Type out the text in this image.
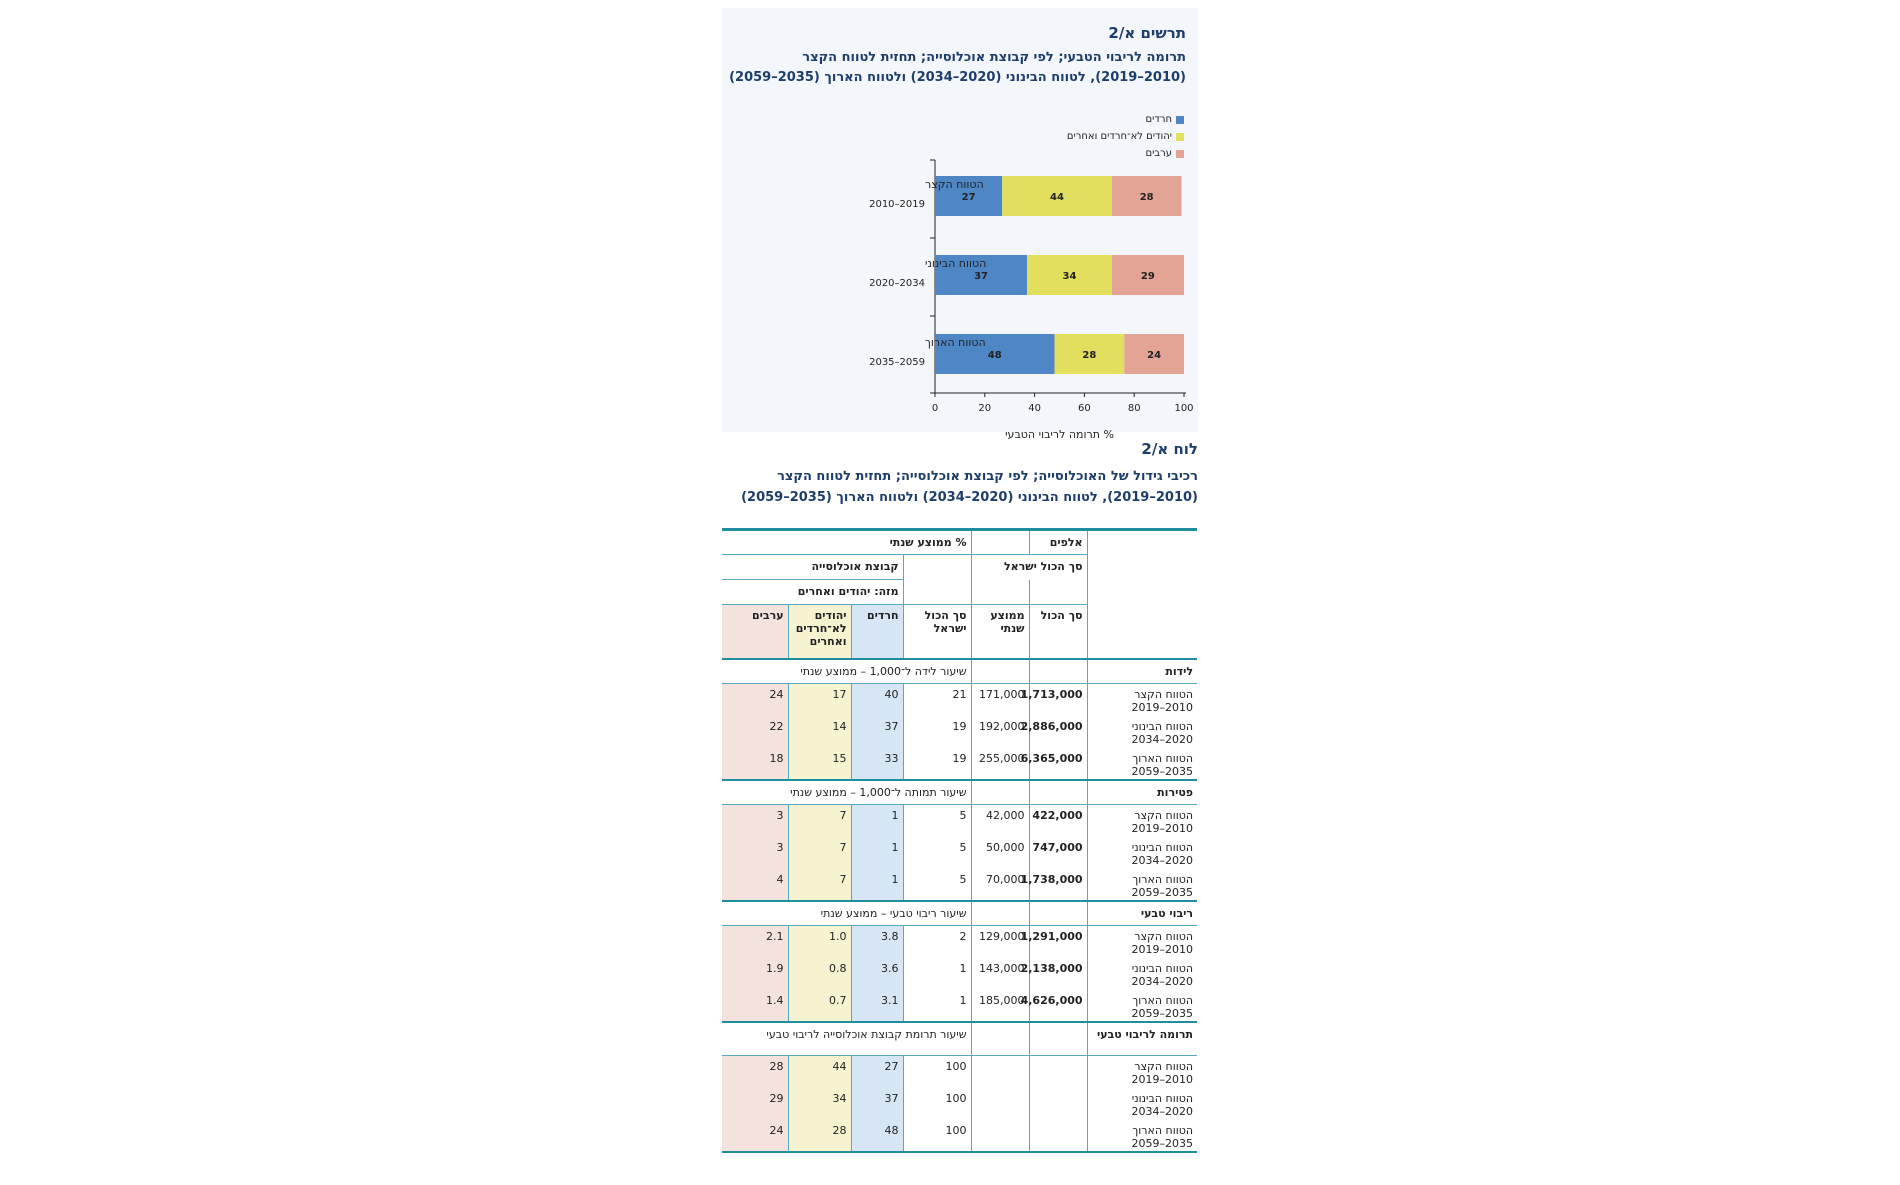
0	20	40	60	80	100
% תרומה לריבוי הטבעי
27	44	28
הטווח הקצר
2010–2019
37	34	29
הטווח הבינוני
2020–2034
48	28	24
הטווח הארוך
2035–2059
תרשים א/2

תרומה לריבוי הטבעי; לפי קבוצת אוכלוסייה; תחזית לטווח הקצר
(2010–2019), לטווח הבינוני (2020–2034) ולטווח הארוך (2035–2059)

חרדים
יהודים לא־חרדים ואחרים
ערבים
לוח א/2

רכיבי גידול של האוכלוסייה; לפי קבוצת אוכלוסייה; תחזית לטווח הקצר
(2010–2019), לטווח הבינוני (2020–2034) ולטווח הארוך (2035–2059)

	אלפים		% ממוצע שנתי			
	סך הכול ישראל			קבוצת אוכלוסייה		
				מזה: יהודים ואחרים		
	סך הכול	ממוצע שנתי	סך הכול ישראל	חרדים	יהודים לא־חרדים ואחרים	ערבים
לידות			שיעור לידה ל־1,000 – ממוצע שנתי			
הטווח הקצר
2010–2019	1,713,000	171,000	21	40	17	24
הטווח הבינוני
2020–2034	2,886,000	192,000	19	37	14	22
הטווח הארוך
2035–2059	6,365,000	255,000	19	33	15	18
פטירות			שיעור תמותה ל־1,000 – ממוצע שנתי			
הטווח הקצר
2010–2019	422,000	42,000	5	1	7	3
הטווח הבינוני
2020–2034	747,000	50,000	5	1	7	3
הטווח הארוך
2035–2059	1,738,000	70,000	5	1	7	4
ריבוי טבעי			שיעור ריבוי טבעי – ממוצע שנתי			
הטווח הקצר
2010–2019	1,291,000	129,000	2	3.8	1.0	2.1
הטווח הבינוני
2020–2034	2,138,000	143,000	1	3.6	0.8	1.9
הטווח הארוך
2035–2059	4,626,000	185,000	1	3.1	0.7	1.4
תרומה לריבוי טבעי			שיעור תרומת קבוצת אוכלוסייה לריבוי טבעי			
הטווח הקצר
2010–2019			100	27	44	28
הטווח הבינוני
2020–2034			100	37	34	29
הטווח הארוך
2035–2059			100	48	28	24
